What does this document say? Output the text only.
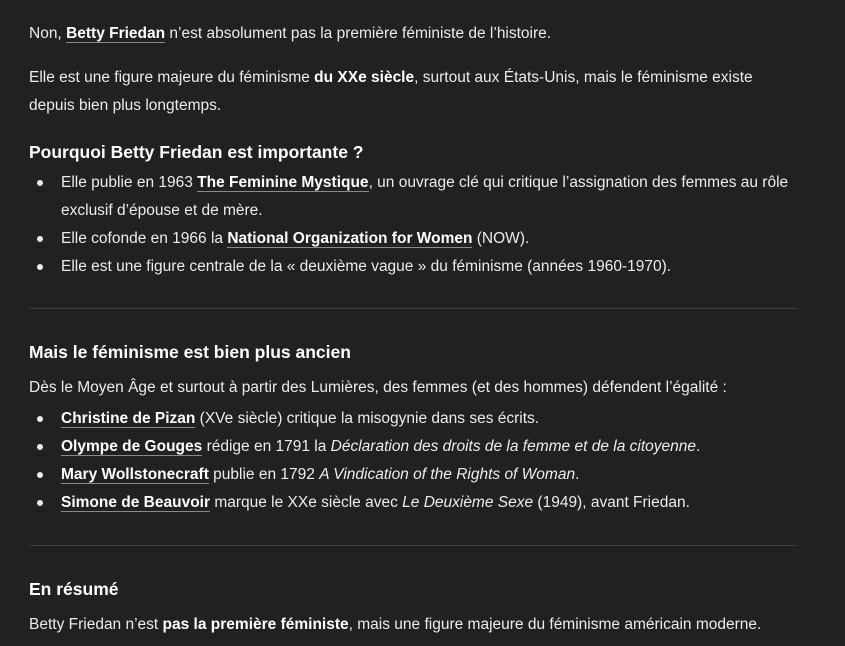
Non, Betty Friedan n’est absolument pas la première féministe de l’histoire.

Elle est une figure majeure du féminisme du XXe siècle, surtout aux États-Unis, mais le féminisme existe depuis bien plus longtemps.

Pourquoi Betty Friedan est importante ?
Elle publie en 1963 The Feminine Mystique, un ouvrage clé qui critique l’assignation des femmes au rôle exclusif d’épouse et de mère.
Elle cofonde en 1966 la National Organization for Women (NOW).
Elle est une figure centrale de la « deuxième vague » du féminisme (années 1960-1970).
Mais le féminisme est bien plus ancien

Dès le Moyen Âge et surtout à partir des Lumières, des femmes (et des hommes) défendent l’égalité :

Christine de Pizan (XVe siècle) critique la misogynie dans ses écrits.
Olympe de Gouges rédige en 1791 la Déclaration des droits de la femme et de la citoyenne.
Mary Wollstonecraft publie en 1792 A Vindication of the Rights of Woman.
Simone de Beauvoir marque le XXe siècle avec Le Deuxième Sexe (1949), avant Friedan.
En résumé

Betty Friedan n’est pas la première féministe, mais une figure majeure du féminisme américain moderne.
